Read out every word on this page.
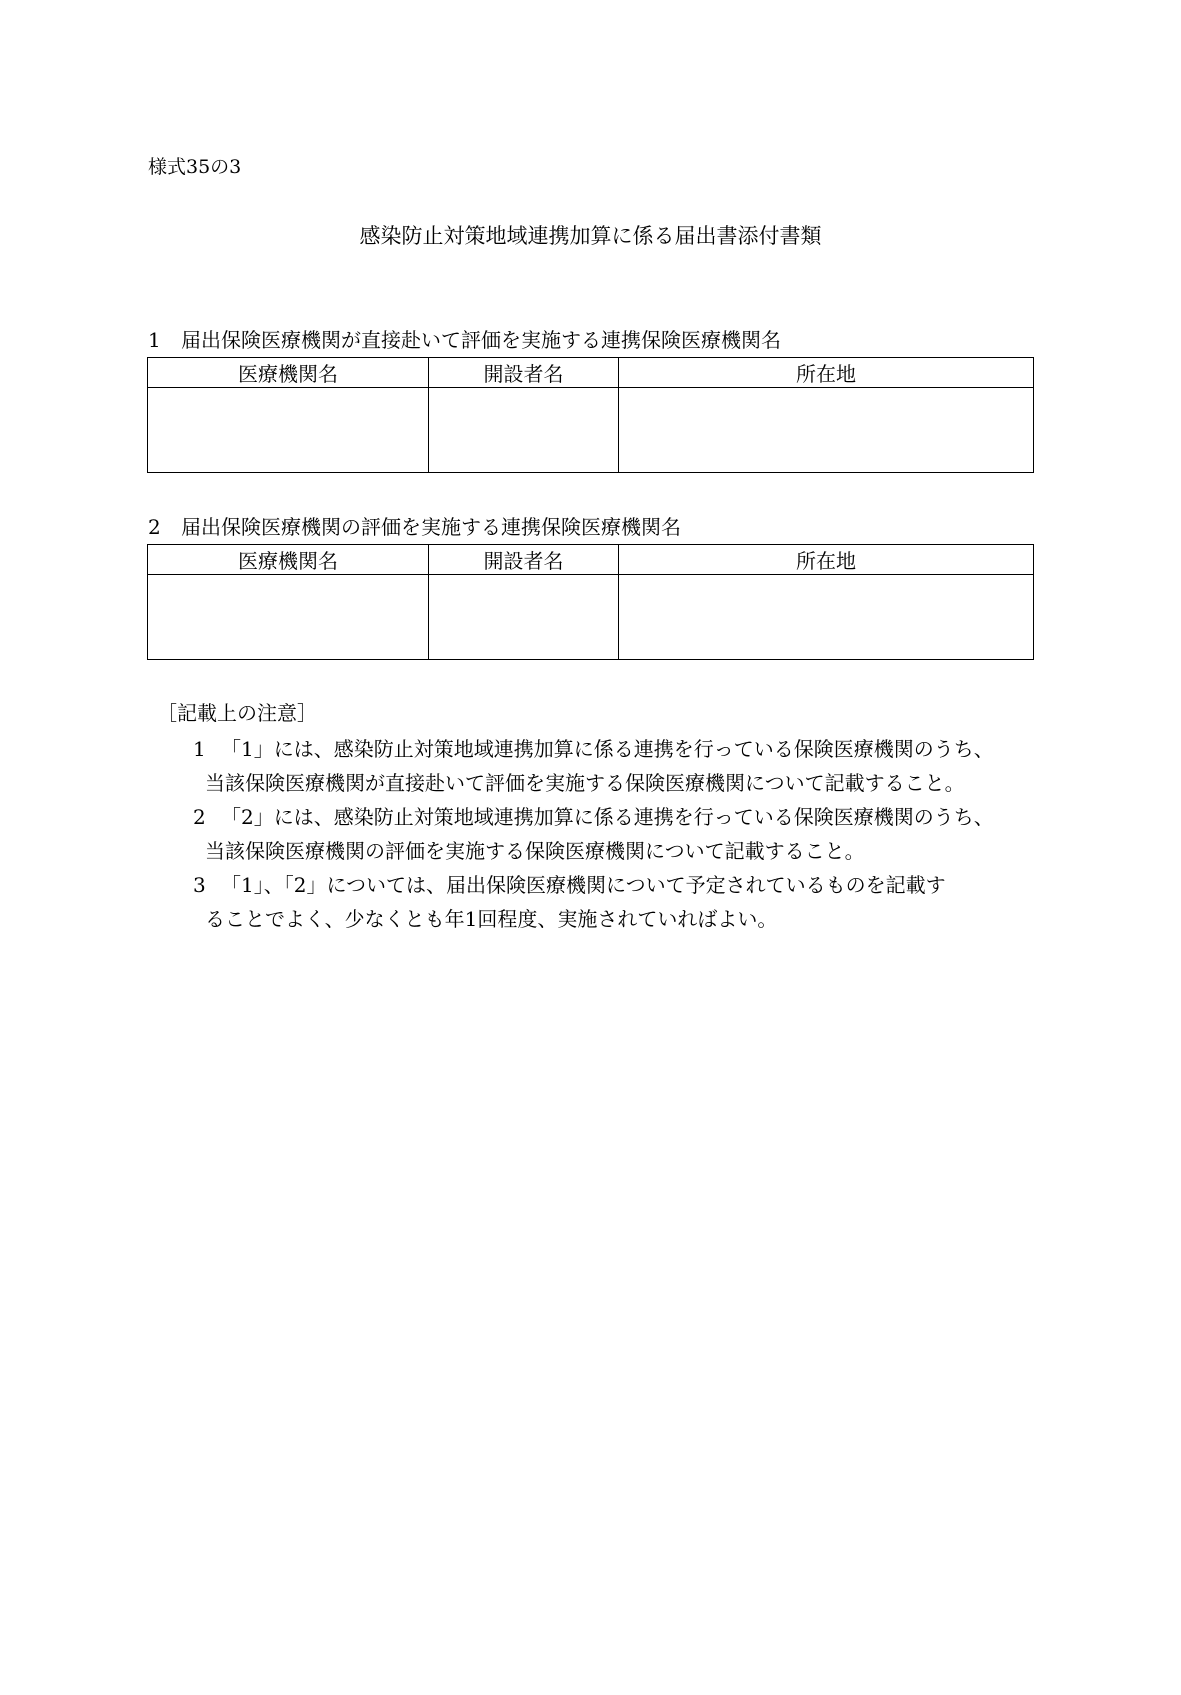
様式35の3
感染防止対策地域連携加算に係る届出書添付書類
1 届出保険医療機関が直接赴いて評価を実施する連携保険医療機関名
医療機関名	開設者名	所在地

2 届出保険医療機関の評価を実施する連携保険医療機関名
医療機関名	開設者名	所在地

［記載上の注意］
1 「1」には、感染防止対策地域連携加算に係る連携を行っている保険医療機関のうち、
当該保険医療機関が直接赴いて評価を実施する保険医療機関について記載すること。
2 「2」には、感染防止対策地域連携加算に係る連携を行っている保険医療機関のうち、
当該保険医療機関の評価を実施する保険医療機関について記載すること。
3 「1」、「2」については、届出保険医療機関について予定されているものを記載す
ることでよく、少なくとも年1回程度、実施されていればよい。
